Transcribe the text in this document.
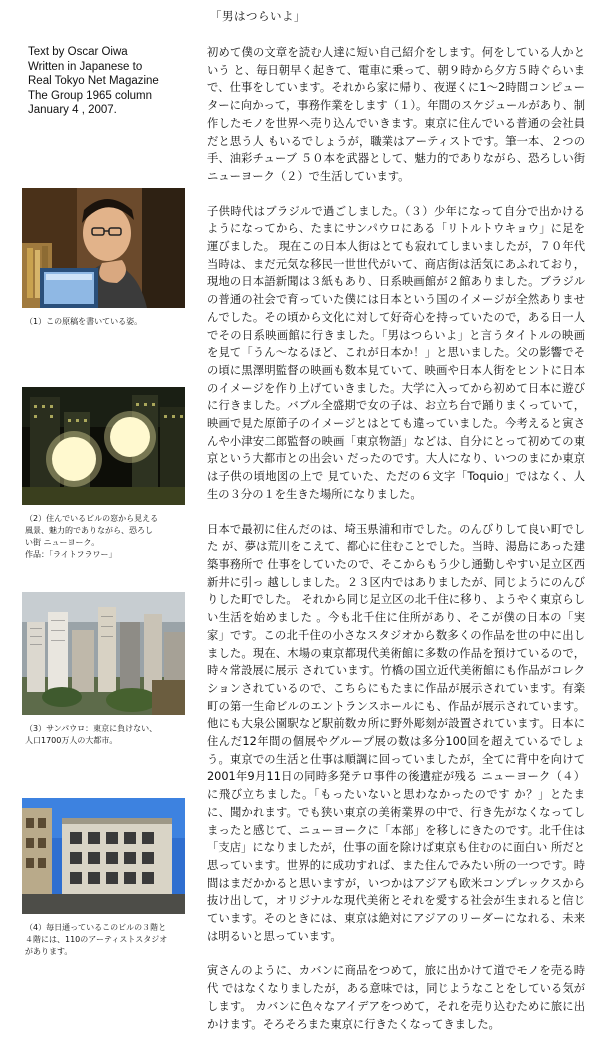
「男はつらいよ」
Text by Oscar Oiwa
Written in Japanese to
Real Tokyo Net Magazine
The Group 1965 column
January 4 , 2007.
（1）この原稿を書いている姿。
（2）住んでいるビルの窓から見える
風景、魅力的でありながら、恐ろし
い街 ニューヨーク。
作品：「ライトフラワー」
（3）サンパウロ：東京に負けない、
人口1700万人の大都市。
（4）毎日通っているこのビルの３階と
４階には、110のアーティストスタジオ
があります。

初めて僕の文章を読む人達に短い自己紹介をします。何をしている人かという と、毎日朝早く起きて、電車に乗って、朝９時から夕方５時ぐらいまで、仕事をしています。それから家に帰り、夜遅くに1～2時間コンピューターに向かって，事務作業をします（１）。年間のスケジュールがあり、制作したモノを世界へ売り込んでいきます。東京に住んでいる普通の会社員だと思う人 もいるでしょうが，職業はアーティストです。筆一本、２つの手、油彩チューブ ５０本を武器として、魅力的でありながら、恐ろしい街ニューヨーク（２）で生活しています。

子供時代はブラジルで過ごしました。（３）少年になって自分で出かけるようになってから、たまにサンパウロにある「リトルトウキョウ」に足を運びました。 現在この日本人街はとても寂れてしまいましたが，７０年代当時は、まだ元気な移民一世世代がいて、商店街は活気にあふれており，現地の日本語新聞は３紙もあり、日系映画館が２館ありました。ブラジルの普通の社会で育っていた僕には日本という国のイメージが全然ありませんでした。その頃から文化に対して好奇心を持っていたので，ある日一人でその日系映画館に行きました。「男はつらいよ」と言うタイトルの映画を見て「うん～なるほど、これが日本か！」と思いました。父の影響でその頃に黒澤明監督の映画も数本見ていて、映画や日本人街をヒントに日本のイメージを作り上げていきました。大学に入ってから初めて日本に遊びに行きました。バブル全盛期で女の子は、お立ち台で踊りまくっていて，映画で見た原節子のイメージとはとても違っていました。今考えると寅さんや小津安二郎監督の映画「東京物語」などは、自分にとって初めての東京という大都市との出会い だったのです。大人になり、いつのまにか東京は子供の頃地図の上で 見ていた、ただの６文字「Toquio」ではなく、人生の３分の１を生きた場所になりました。

日本で最初に住んだのは、埼玉県浦和市でした。のんびりして良い町でした が、夢は荒川をこえて、都心に住むことでした。当時、湯島にあった建築事務所で 仕事をしていたので、そこからもう少し通勤しやすい足立区西新井に引っ 越ししました。２３区内ではありましたが、同じようにのんびりした町でした。 それから同じ足立区の北千住に移り、ようやく東京らしい生活を始めました 。今も北千住に住所があり、そこが僕の日本の「実家」です。この北千住の小さなスタジオから数多くの作品を世の中に出しました。現在、木場の東京都現代美術館に多数の作品を預けているので，時々常設展に展示 されています。竹橋の国立近代美術館にも作品がコレクションされているので、こちらにもたまに作品が展示されています。有楽町の第一生命ビルのエントランスホールにも、作品が展示されています。他にも大泉公園駅など駅前数カ所に野外彫刻が設置されています。日本に住んだ12年間の個展やグループ展の数は多分100回を超えているでしょう。東京での生活と仕事は順調に回っていましたが，全てに背中を向けて2001年9月11日の同時多発テロ事件の後遺症が残る ニューヨーク（４）に飛び立ちました。「もったいないと思わなかったのです か？」とたまに、聞かれます。でも狭い東京の美術業界の中で、行き先がなくなってしまったと感じて、ニューヨークに「本部」を移しにきたのです。北千住は「支店」になりましたが，仕事の面を除けば東京も住むのに面白い 所だと思っています。世界的に成功すれば、また住んでみたい所の一つです。時間はまだかかると思いますが，いつかはアジアも欧米コンプレックスから抜け出して，オリジナルな現代美術とそれを愛する社会が生まれると信じています。そのときには、東京は絶対にアジアのリーダーになれる、未来は明るいと思っています。

寅さんのように、カバンに商品をつめて，旅に出かけて道でモノを売る時代 ではなくなりましたが，ある意味では，同じようなことをしている気がします。 カバンに色々なアイデアをつめて，それを売り込むために旅に出かけます。そろそろまた東京に行きたくなってきました。
